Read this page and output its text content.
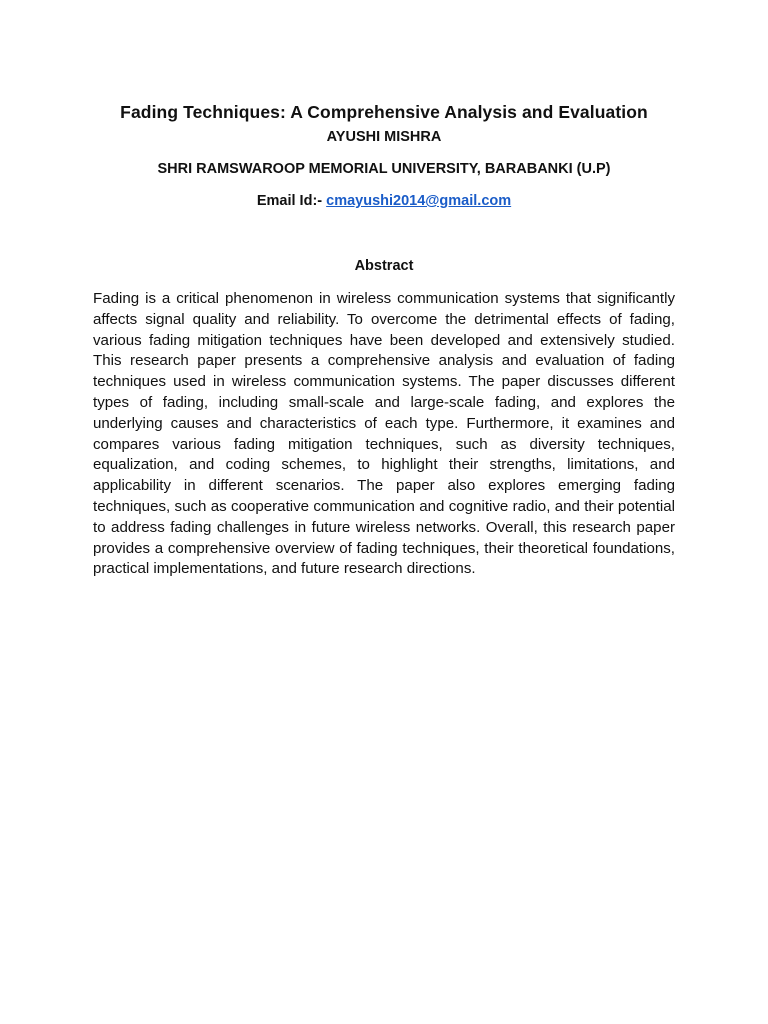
Fading Techniques: A Comprehensive Analysis and Evaluation
AYUSHI MISHRA
SHRI RAMSWAROOP MEMORIAL UNIVERSITY, BARABANKI (U.P)
Email Id:- cmayushi2014@gmail.com
Abstract

Fading is a critical phenomenon in wireless communication systems that significantly affects signal quality and reliability. To overcome the detrimental effects of fading, various fading mitigation techniques have been developed and extensively studied. This research paper presents a comprehensive analysis and evaluation of fading techniques used in wireless communication systems. The paper discusses different types of fading, including small-scale and large-scale fading, and explores the underlying causes and characteristics of each type. Furthermore, it examines and compares various fading mitigation techniques, such as diversity techniques, equalization, and coding schemes, to highlight their strengths, limitations, and applicability in different scenarios. The paper also explores emerging fading techniques, such as cooperative communication and cognitive radio, and their potential to address fading challenges in future wireless networks. Overall, this research paper provides a comprehensive overview of fading techniques, their theoretical foundations, practical implementations, and future research directions.
